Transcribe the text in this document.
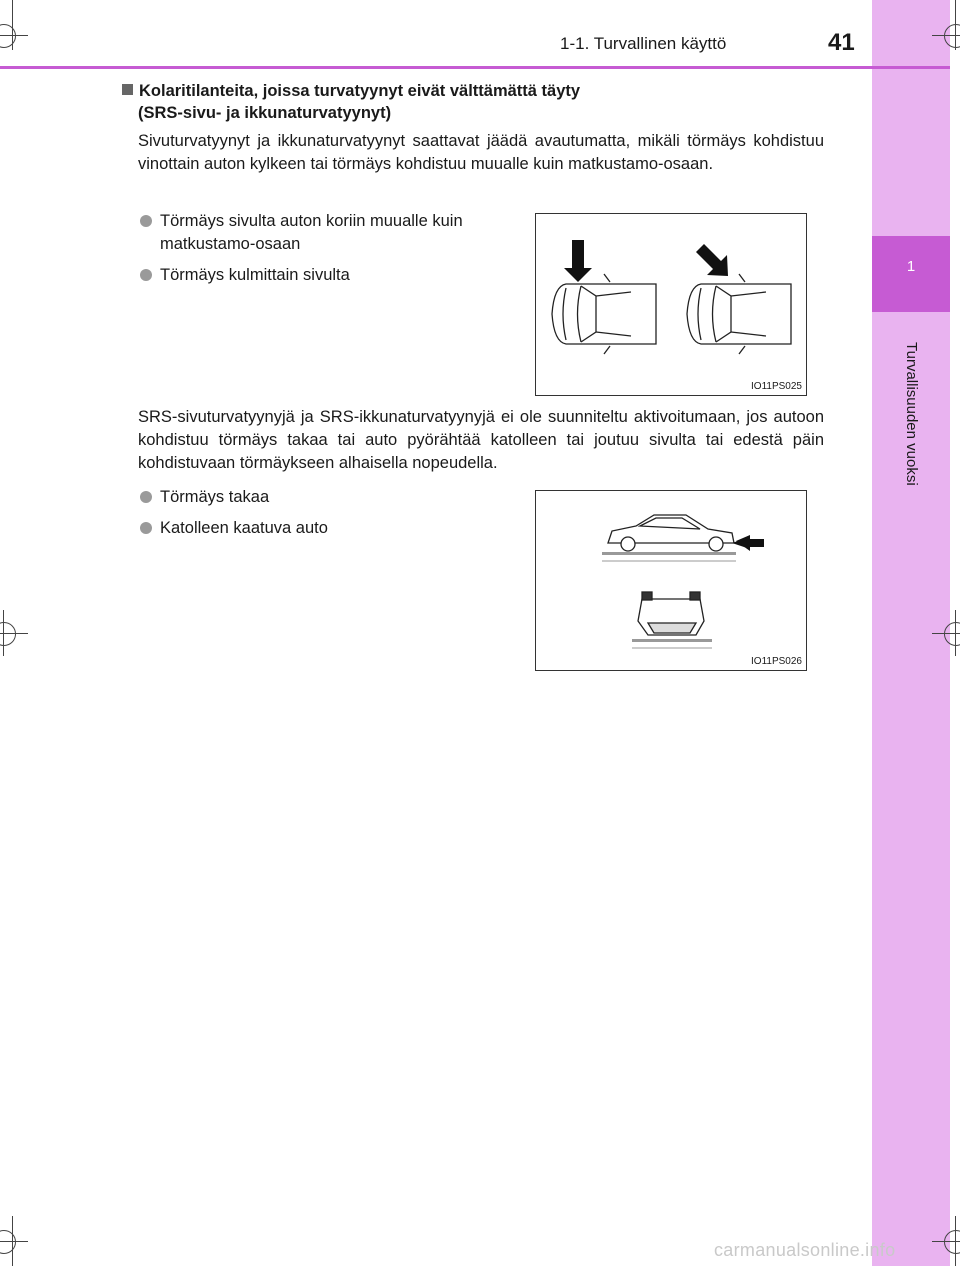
1
Turvallisuuden vuoksi
1-1. Turvallinen käyttö	41
Kolaritilanteita, joissa turvatyynyt eivät välttämättä täyty
(SRS-sivu- ja ikkunaturvatyynyt)
Sivuturvatyynyt ja ikkunaturvatyynyt saattavat jäädä avautumatta, mikäli törmäys kohdistuu vinottain auton kylkeen tai törmäys kohdistuu muualle kuin matkustamo-osaan.
Törmäys sivulta auton koriin muualle kuin matkustamo-osaan
Törmäys kulmittain sivulta
IO11PS025
SRS-sivuturvatyynyjä ja SRS-ikkunaturvatyynyjä ei ole suunniteltu aktivoitumaan, jos autoon kohdistuu törmäys takaa tai auto pyörähtää katolleen tai joutuu sivulta tai edestä päin kohdistuvaan törmäykseen alhaisella nopeudella.
Törmäys takaa
Katolleen kaatuva auto
IO11PS026
carmanualsonline.info
